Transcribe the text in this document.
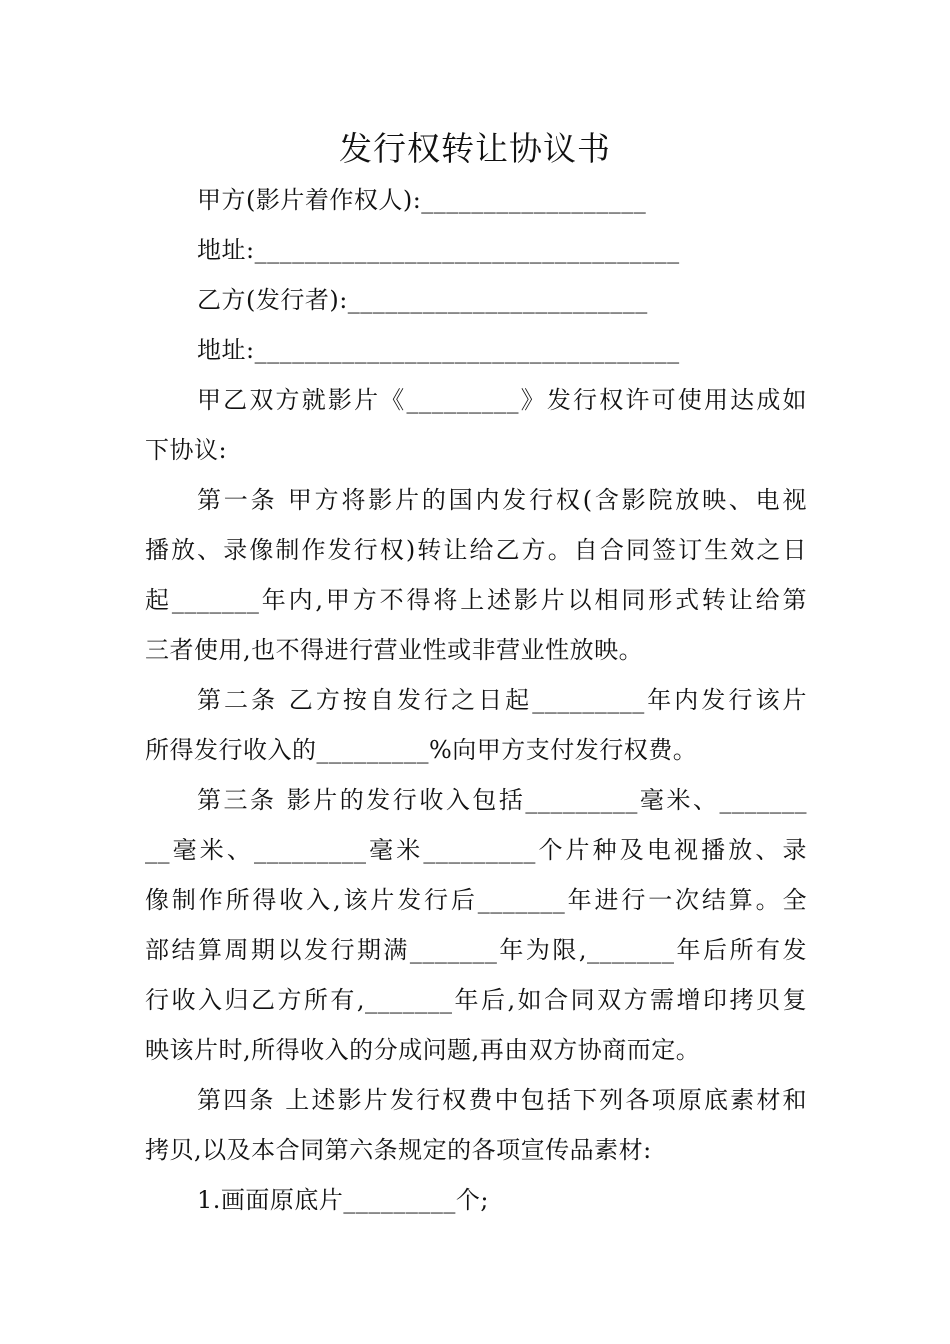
发行权转让协议书
甲方(影片着作权人):__________________
地址:__________________________________
乙方(发行者):________________________
地址:__________________________________
甲乙双方就影片《_________》发行权许可使用达成如
下协议:
第一条 甲方将影片的国内发行权(含影院放映、电视
播放、录像制作发行权)转让给乙方。自合同签订生效之日
起_______年内,甲方不得将上述影片以相同形式转让给第
三者使用,也不得进行营业性或非营业性放映。
第二条 乙方按自发行之日起_________年内发行该片
所得发行收入的_________%向甲方支付发行权费。
第三条 影片的发行收入包括_________毫米、_______
__毫米、_________毫米_________个片种及电视播放、录
像制作所得收入,该片发行后_______年进行一次结算。全
部结算周期以发行期满_______年为限,_______年后所有发
行收入归乙方所有,_______年后,如合同双方需增印拷贝复
映该片时,所得收入的分成问题,再由双方协商而定。
第四条 上述影片发行权费中包括下列各项原底素材和
拷贝,以及本合同第六条规定的各项宣传品素材:
1.画面原底片_________个;
